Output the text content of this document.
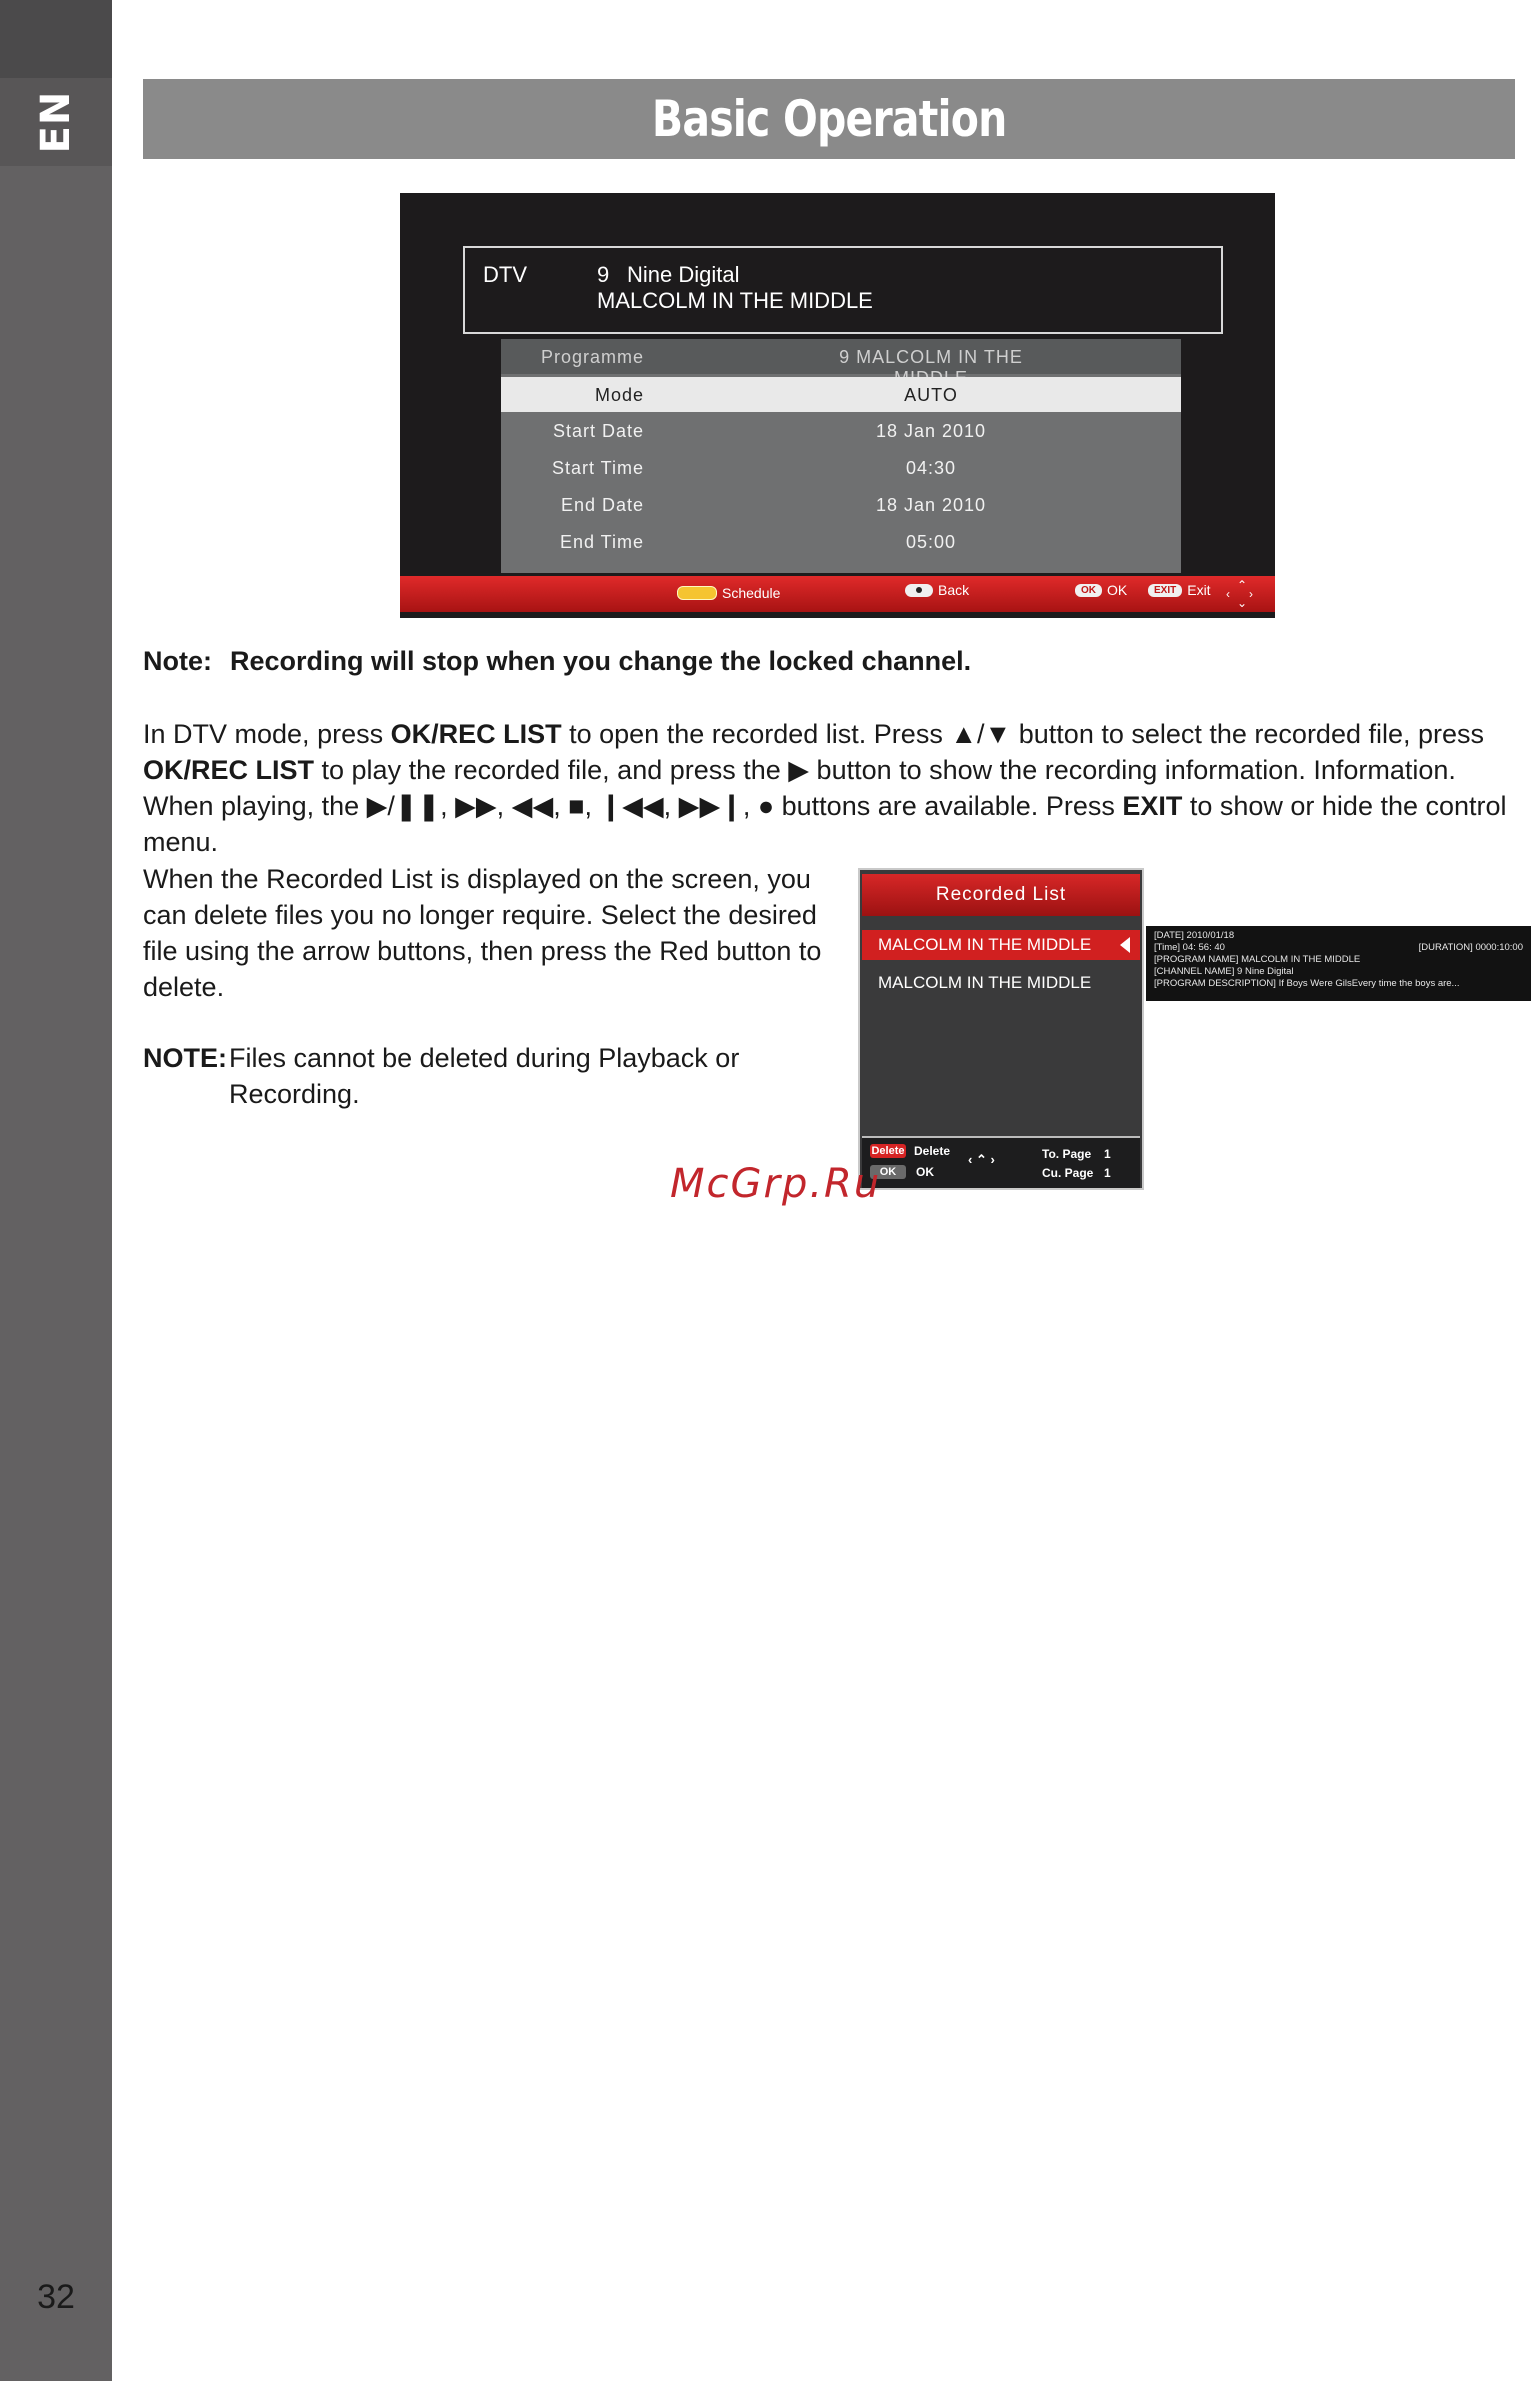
EN
32
Basic Operation
DTV	9 Nine Digital
MALCOLM IN THE MIDDLE
Programme	9 MALCOLM IN THE
Mode	AUTO
Start Date	18 Jan 2010
Start Time	04:30
End Date	18 Jan 2010
End Time	05:00
Schedule	Back	OK OK	EXIT Exit ⌃
⌄
‹ ›
Note: Recording will stop when you change the locked channel.
In DTV mode, press OK/REC LIST to open the recorded list. Press ▲/▼ button to select the recorded file, press OK/REC LIST to play the recorded file, and press the ▶ button to show the recording information. Information. When playing, the ▶/❚❚, ▶▶, ◀◀, ■, ❙◀◀, ▶▶❙, ● buttons are available. Press EXIT to show or hide the control menu.
When the Recorded List is displayed on the screen, you can delete files you no longer require. Select the desired file using the arrow buttons, then press the Red button to delete.
NOTE:Files cannot be deleted during Playback or
Recording.
Recorded List
MALCOLM IN THE MIDDLE
MALCOLM IN THE MIDDLE
Delete Delete
OK	OK
‹ ⌃ ›	To. Page 1
Cu. Page 1
[DATE] 2010/01/18
[Time] 04: 56: 40	[DURATION] 0000:10:00
[PROGRAM NAME] MALCOLM IN THE MIDDLE
[CHANNEL NAME] 9 Nine Digital
[PROGRAM DESCRIPTION] If Boys Were GilsEvery time the boys are...
McGrp.Ru
